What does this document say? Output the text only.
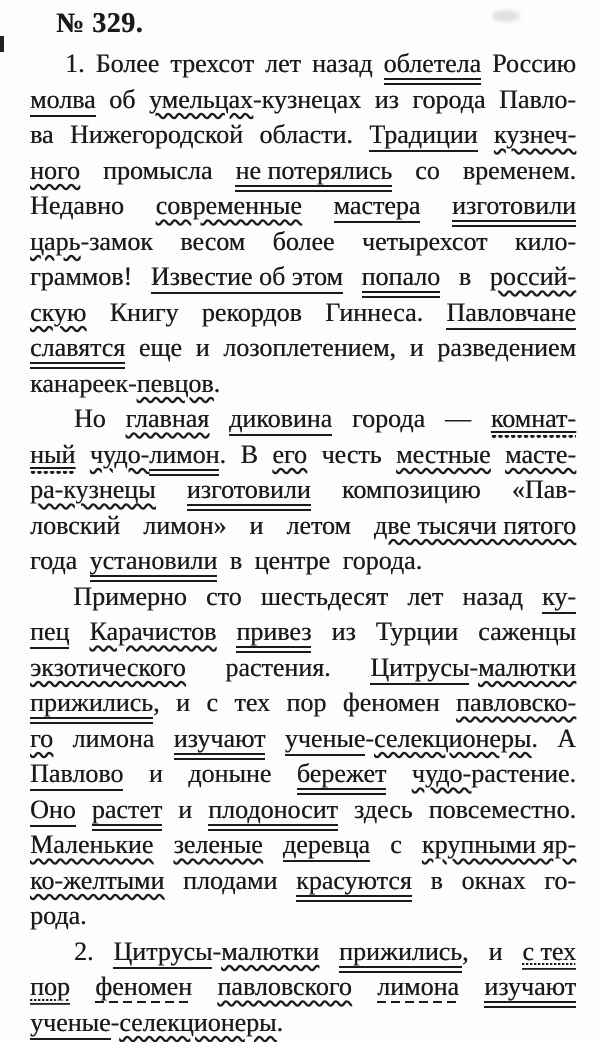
№ 329.
1. Более трехсот лет назад облетела Россию
молва об умельцах-кузнецах из города Павло-
ва Нижегородской области. Традиции кузнеч-
ного промысла не потерялись со временем.
Недавно современные мастера изготовили
царь-замок весом более четырехсот кило-
граммов! Известие об этом попало в россий-
скую Книгу рекордов Гиннеса. Павловчане
славятся еще и лозоплетением, и разведением
канареек-певцов.
Но главная диковина города — комнат-
ный чудо-лимон. В его честь местные масте-
ра-кузнецы изготовили композицию «Пав-
ловский лимон» и летом две тысячи пятого
года установили в центре города.
Примерно сто шестьдесят лет назад ку-
пец Карачистов привез из Турции саженцы
экзотического растения. Цитрусы-малютки
прижились, и с тех пор феномен павловско-
го лимона изучают ученые-селекционеры. А
Павлово и доныне бережет чудо-растение.
Оно растет и плодоносит здесь повсеместно.
Маленькие зеленые деревца с крупными яр-
ко-желтыми плодами красуются в окнах го-
рода.
2. Цитрусы-малютки прижились, и с тех
пор феномен павловского лимона изучают
ученые-селекционеры.
